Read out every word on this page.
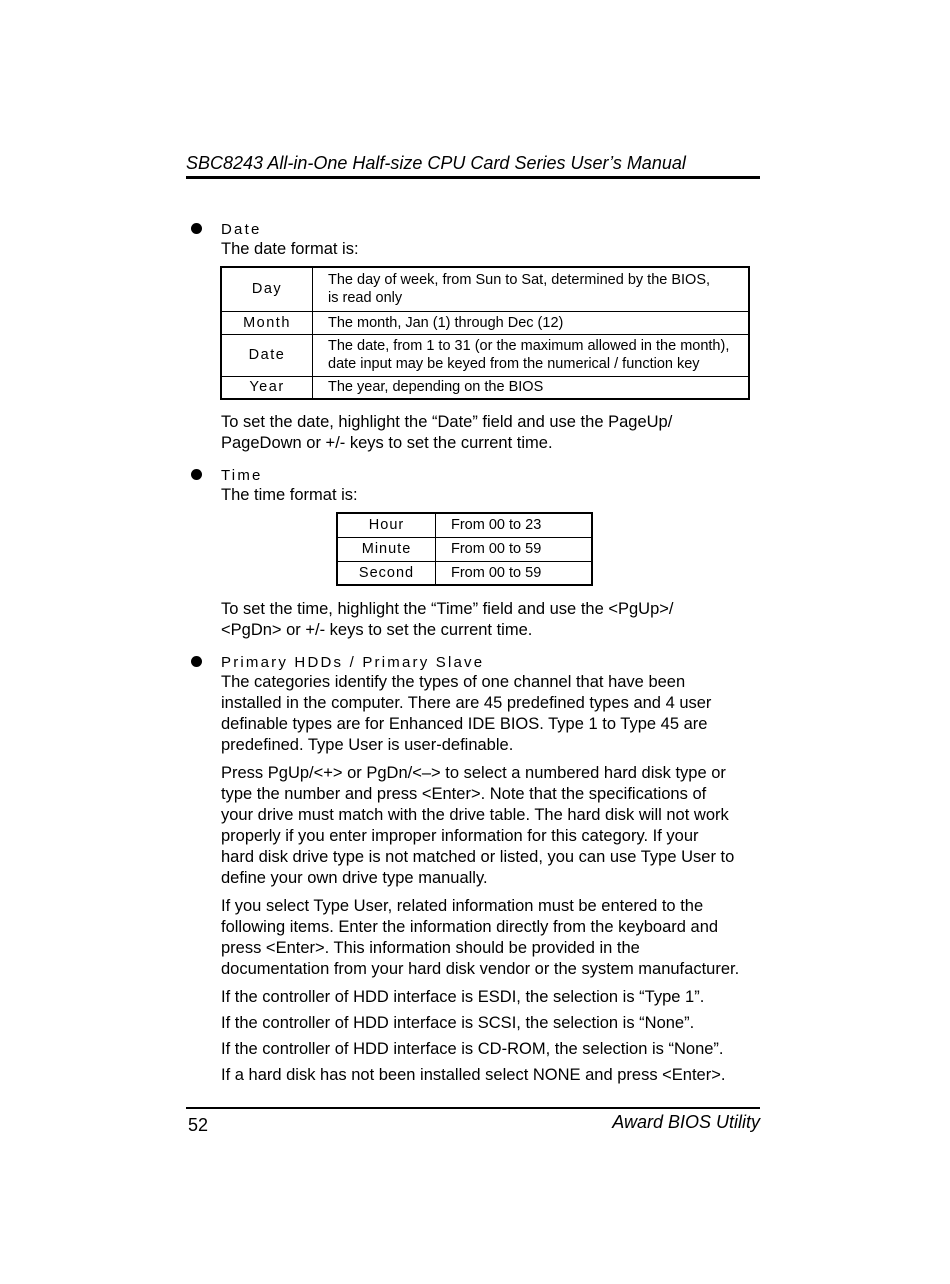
SBC8243 All-in-One Half-size CPU Card Series User’s Manual
Date
The date format is:
Day	The day of week, from Sun to Sat, determined by the BIOS,
is read only
Month	The month, Jan (1) through Dec (12)
Date	The date, from 1 to 31 (or the maximum allowed in the month),
date input may be keyed from the numerical / function key
Year	The year, depending on the BIOS

To set the date, highlight the “Date” field and use the PageUp/
PageDown or +/- keys to set the current time.

Time
The time format is:
Hour	From 00 to 23
Minute	From 00 to 59
Second	From 00 to 59

To set the time, highlight the “Time” field and use the <PgUp>/
<PgDn> or +/- keys to set the current time.

Primary HDDs / Primary Slave

The categories identify the types of one channel that have been
installed in the computer. There are 45 predefined types and 4 user
definable types are for Enhanced IDE BIOS. Type 1 to Type 45 are
predefined. Type User is user-definable.

Press PgUp/<+> or PgDn/<–> to select a numbered hard disk type or
type the number and press <Enter>. Note that the specifications of
your drive must match with the drive table. The hard disk will not work
properly if you enter improper information for this category. If your
hard disk drive type is not matched or listed, you can use Type User to
define your own drive type manually.

If you select Type User, related information must be entered to the
following items. Enter the information directly from the keyboard and
press <Enter>. This information should be provided in the
documentation from your hard disk vendor or the system manufacturer.

If the controller of HDD interface is ESDI, the selection is “Type 1”.

If the controller of HDD interface is SCSI, the selection is “None”.

If the controller of HDD interface is CD-ROM, the selection is “None”.

If a hard disk has not been installed select NONE and press <Enter>.

52	Award BIOS Utility
